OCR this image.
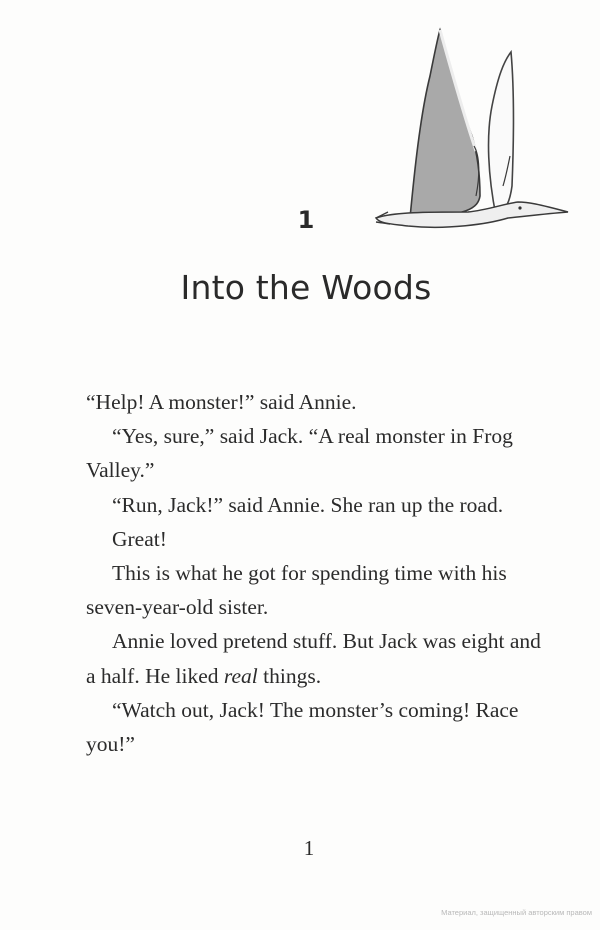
1
Into the Woods

“Help! A monster!” said Annie.

“Yes, sure,” said Jack. “A real monster in Frog Valley.”

“Run, Jack!” said Annie. She ran up the road.

Great!

This is what he got for spending time with his seven-year-old sister.

Annie loved pretend stuff. But Jack was eight and a half. He liked real things.

“Watch out, Jack! The monster’s coming! Race you!”

1
Материал, защищенный авторским правом
